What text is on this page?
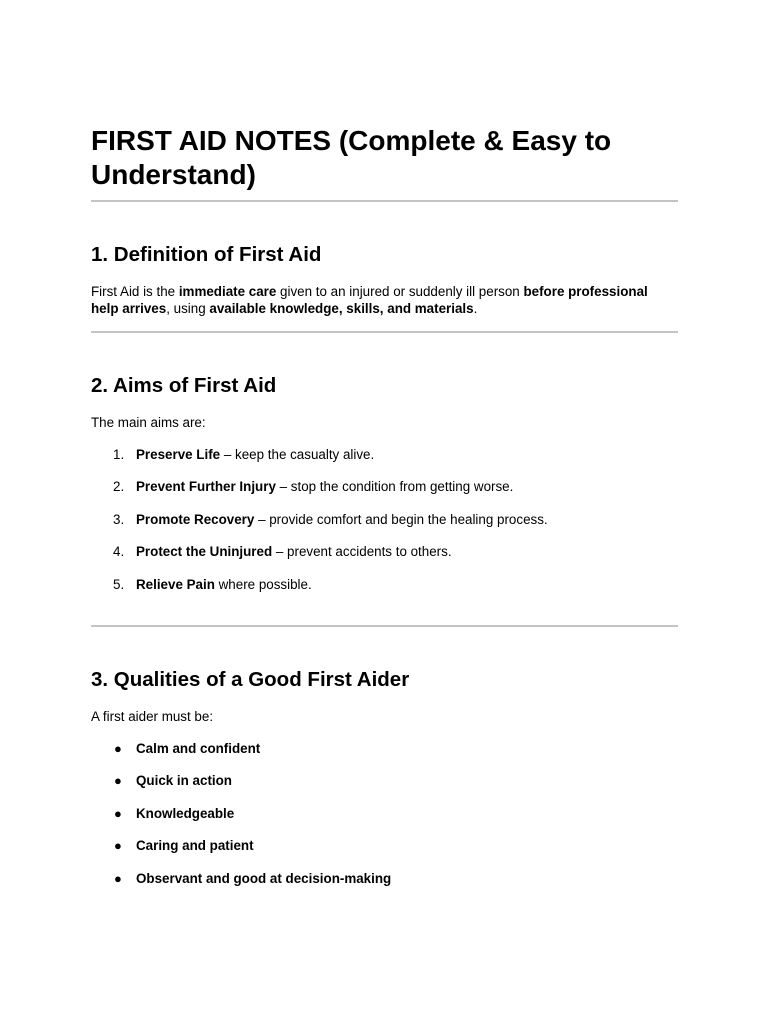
FIRST AID NOTES (Complete & Easy to Understand)
1. Definition of First Aid

First Aid is the immediate care given to an injured or suddenly ill person before professional help arrives, using available knowledge, skills, and materials.

2. Aims of First Aid

The main aims are:

1. Preserve Life – keep the casualty alive.
2. Prevent Further Injury – stop the condition from getting worse.
3. Promote Recovery – provide comfort and begin the healing process.
4. Protect the Uninjured – prevent accidents to others.
5. Relieve Pain where possible.
3. Qualities of a Good First Aider

A first aider must be:

● Calm and confident
● Quick in action
● Knowledgeable
● Caring and patient
● Observant and good at decision-making
